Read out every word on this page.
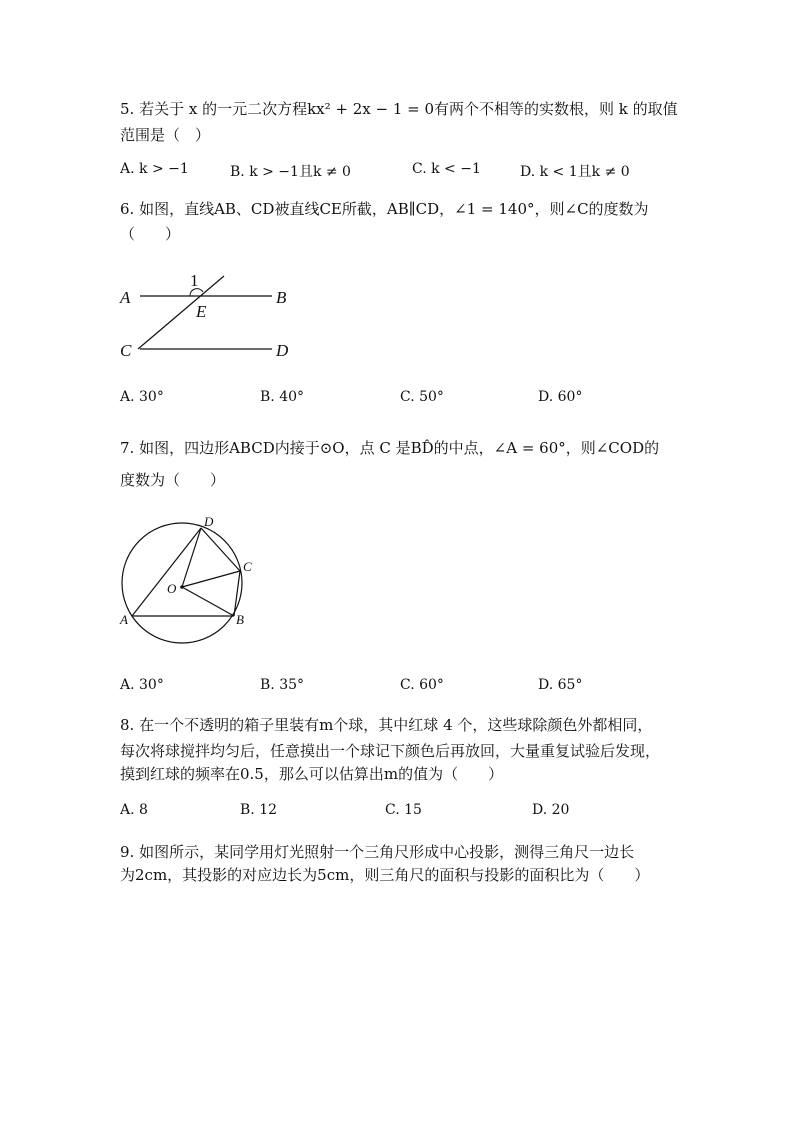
5. 若关于 x 的一元二次方程kx² + 2x − 1 = 0有两个不相等的实数根，则 k 的取值
范围是（　）
A. k > −1	B. k > −1且k ≠ 0	C. k < −1	D. k < 1且k ≠ 0
6. 如图，直线AB、CD被直线CE所截，AB∥CD，∠1 = 140°，则∠C的度数为
（　　）
1
A	B
C	D
E
A. 30°	B. 40°	C. 50°	D. 60°
7. 如图，四边形ABCD内接于⊙O，点 C 是BD̂的中点，∠A = 60°，则∠COD的
度数为（　　）
D
C
O
A	B
A. 30°	B. 35°	C. 60°	D. 65°
8. 在一个不透明的箱子里装有m个球，其中红球 4 个，这些球除颜色外都相同，
每次将球搅拌均匀后，任意摸出一个球记下颜色后再放回，大量重复试验后发现，
摸到红球的频率在0.5，那么可以估算出m的值为（　　）
A. 8	B. 12	C. 15	D. 20
9. 如图所示，某同学用灯光照射一个三角尺形成中心投影，测得三角尺一边长
为2cm，其投影的对应边长为5cm，则三角尺的面积与投影的面积比为（　　）
